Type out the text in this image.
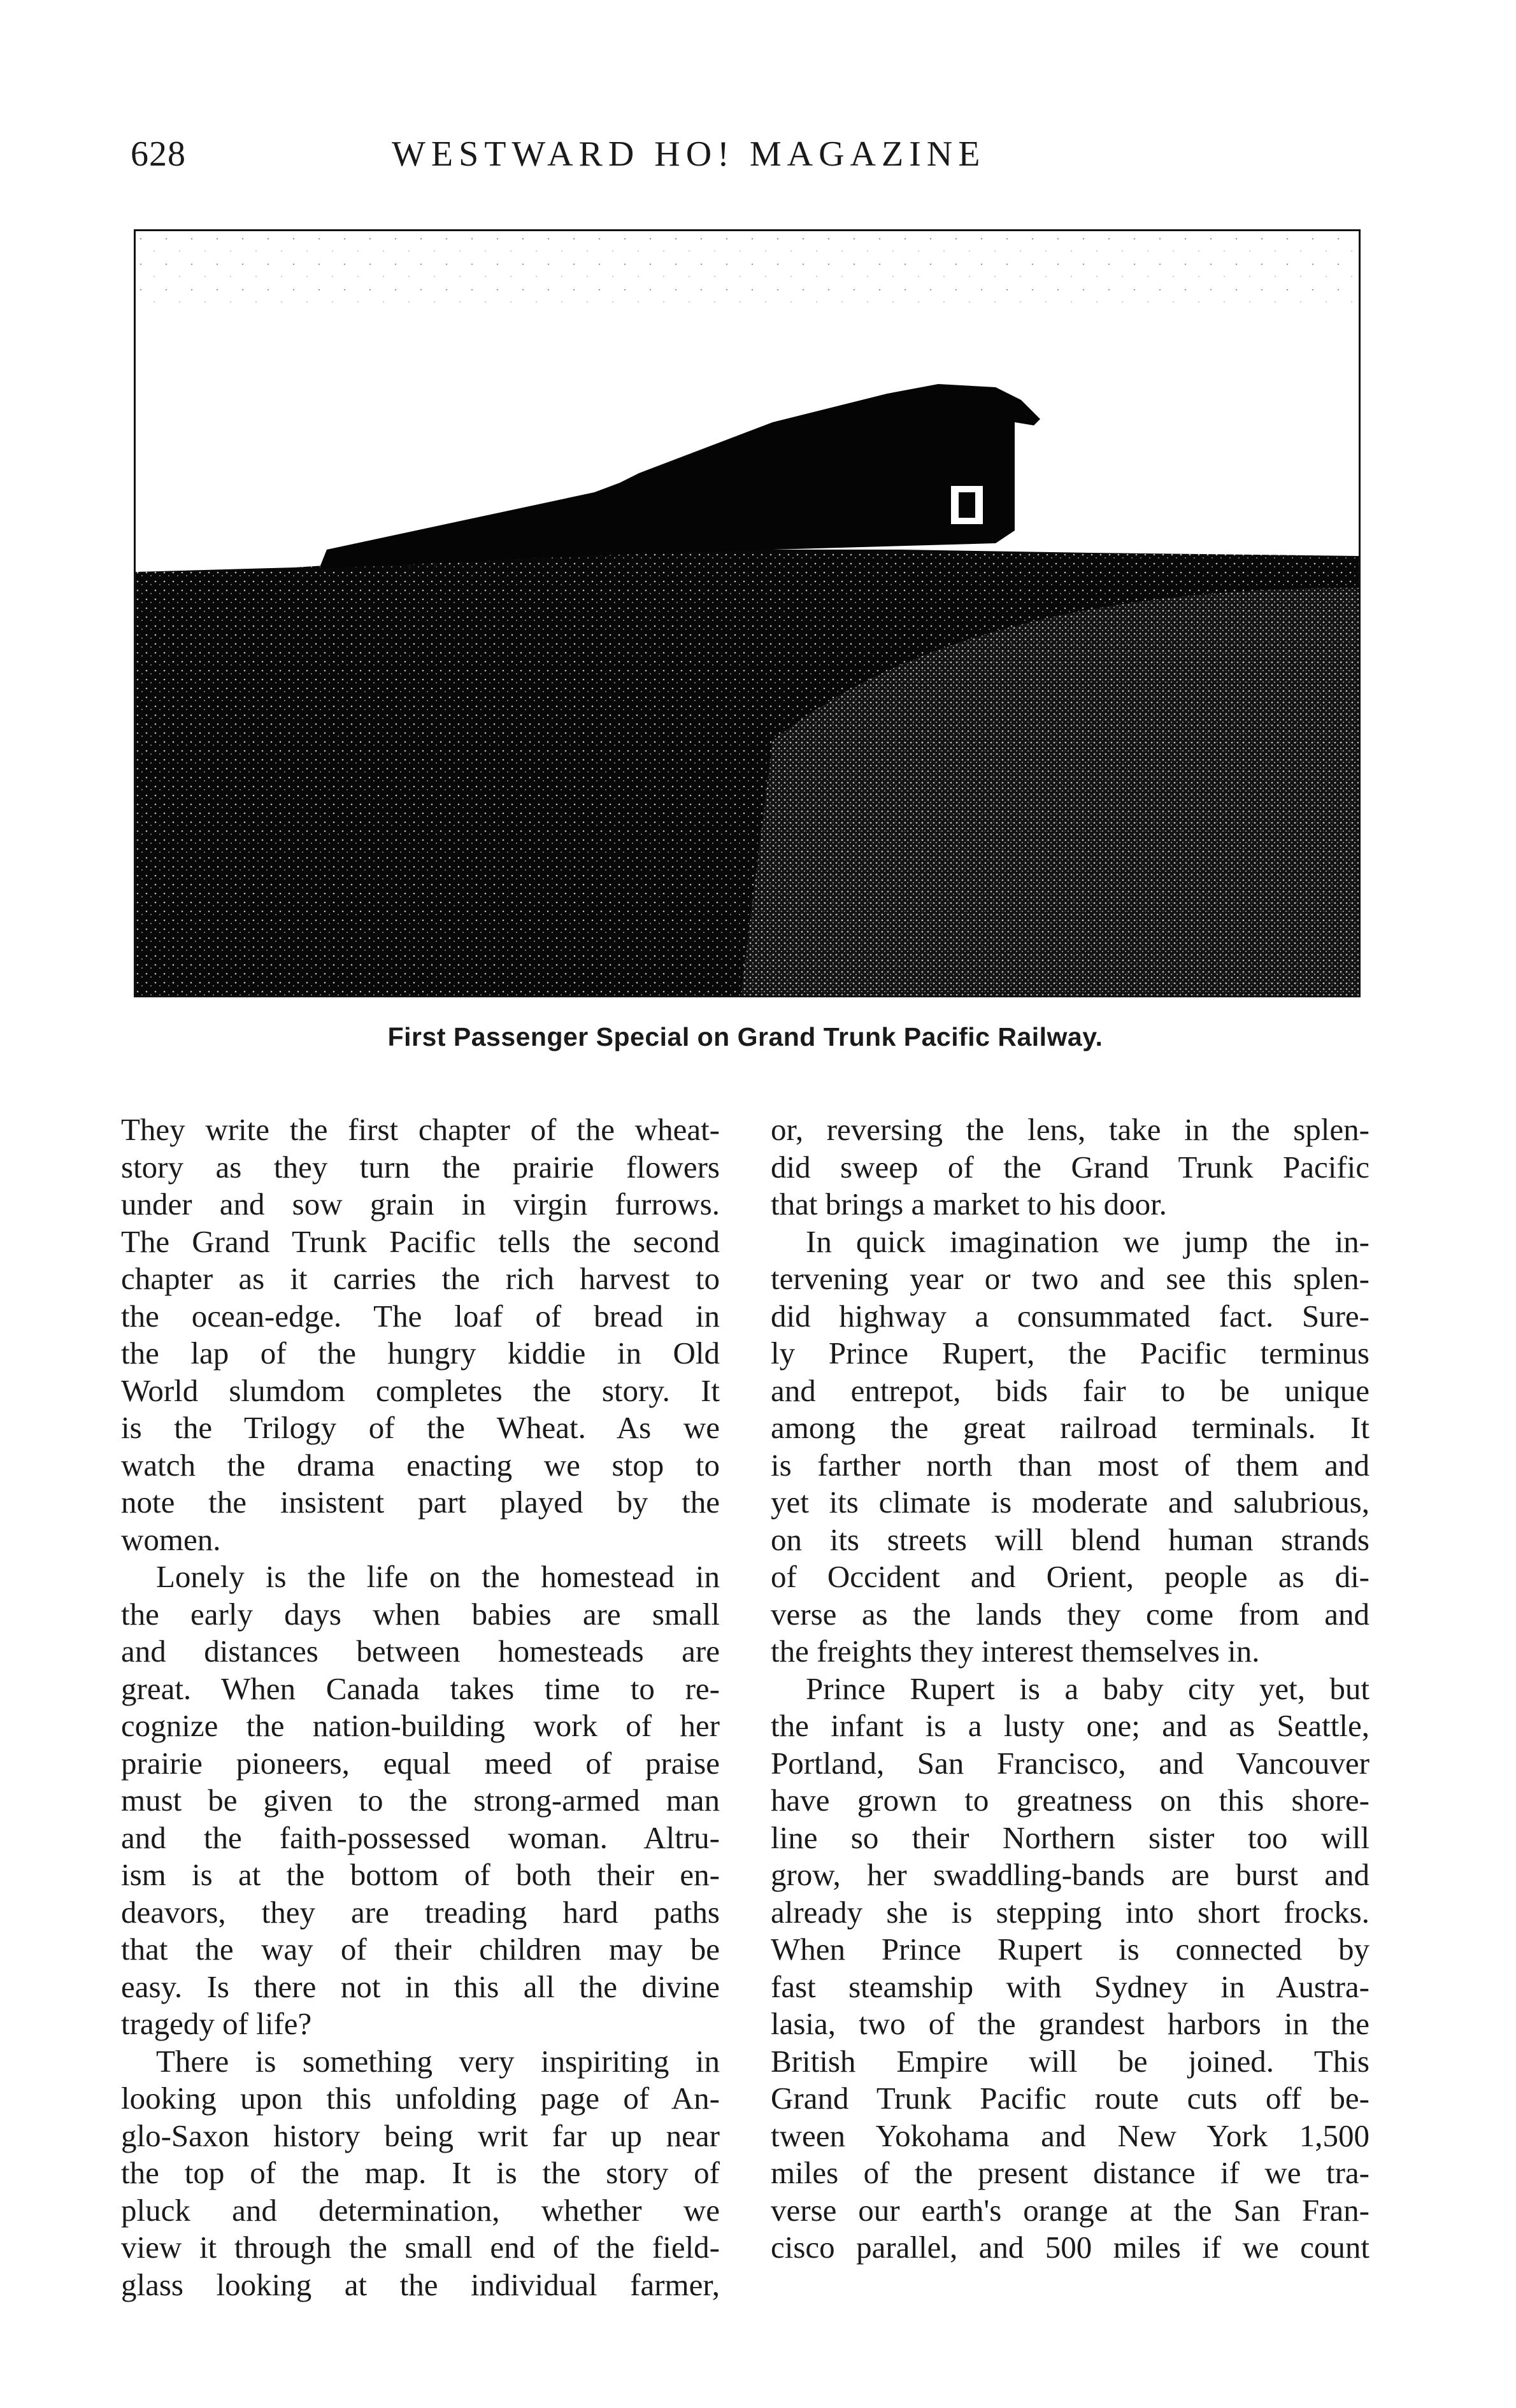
628	WESTWARD HO! MAGAZINE
First Passenger Special on Grand Trunk Pacific Railway.
They write the first chapter of the wheat-
story as they turn the prairie flowers
under and sow grain in virgin furrows.
The Grand Trunk Pacific tells the second
chapter as it carries the rich harvest to
the ocean-edge. The loaf of bread in
the lap of the hungry kiddie in Old
World slumdom completes the story. It
is the Trilogy of the Wheat. As we
watch the drama enacting we stop to
note the insistent part played by the
women.
Lonely is the life on the homestead in
the early days when babies are small
and distances between homesteads are
great. When Canada takes time to re-
cognize the nation-building work of her
prairie pioneers, equal meed of praise
must be given to the strong-armed man
and the faith-possessed woman. Altru-
ism is at the bottom of both their en-
deavors, they are treading hard paths
that the way of their children may be
easy. Is there not in this all the divine
tragedy of life?
There is something very inspiriting in
looking upon this unfolding page of An-
glo-Saxon history being writ far up near
the top of the map. It is the story of
pluck and determination, whether we
view it through the small end of the field-
glass looking at the individual farmer,
or, reversing the lens, take in the splen-
did sweep of the Grand Trunk Pacific
that brings a market to his door.
In quick imagination we jump the in-
tervening year or two and see this splen-
did highway a consummated fact. Sure-
ly Prince Rupert, the Pacific terminus
and entrepot, bids fair to be unique
among the great railroad terminals. It
is farther north than most of them and
yet its climate is moderate and salubrious,
on its streets will blend human strands
of Occident and Orient, people as di-
verse as the lands they come from and
the freights they interest themselves in.
Prince Rupert is a baby city yet, but
the infant is a lusty one; and as Seattle,
Portland, San Francisco, and Vancouver
have grown to greatness on this shore-
line so their Northern sister too will
grow, her swaddling-bands are burst and
already she is stepping into short frocks.
When Prince Rupert is connected by
fast steamship with Sydney in Austra-
lasia, two of the grandest harbors in the
British Empire will be joined. This
Grand Trunk Pacific route cuts off be-
tween Yokohama and New York 1,500
miles of the present distance if we tra-
verse our earth's orange at the San Fran-
cisco parallel, and 500 miles if we count
